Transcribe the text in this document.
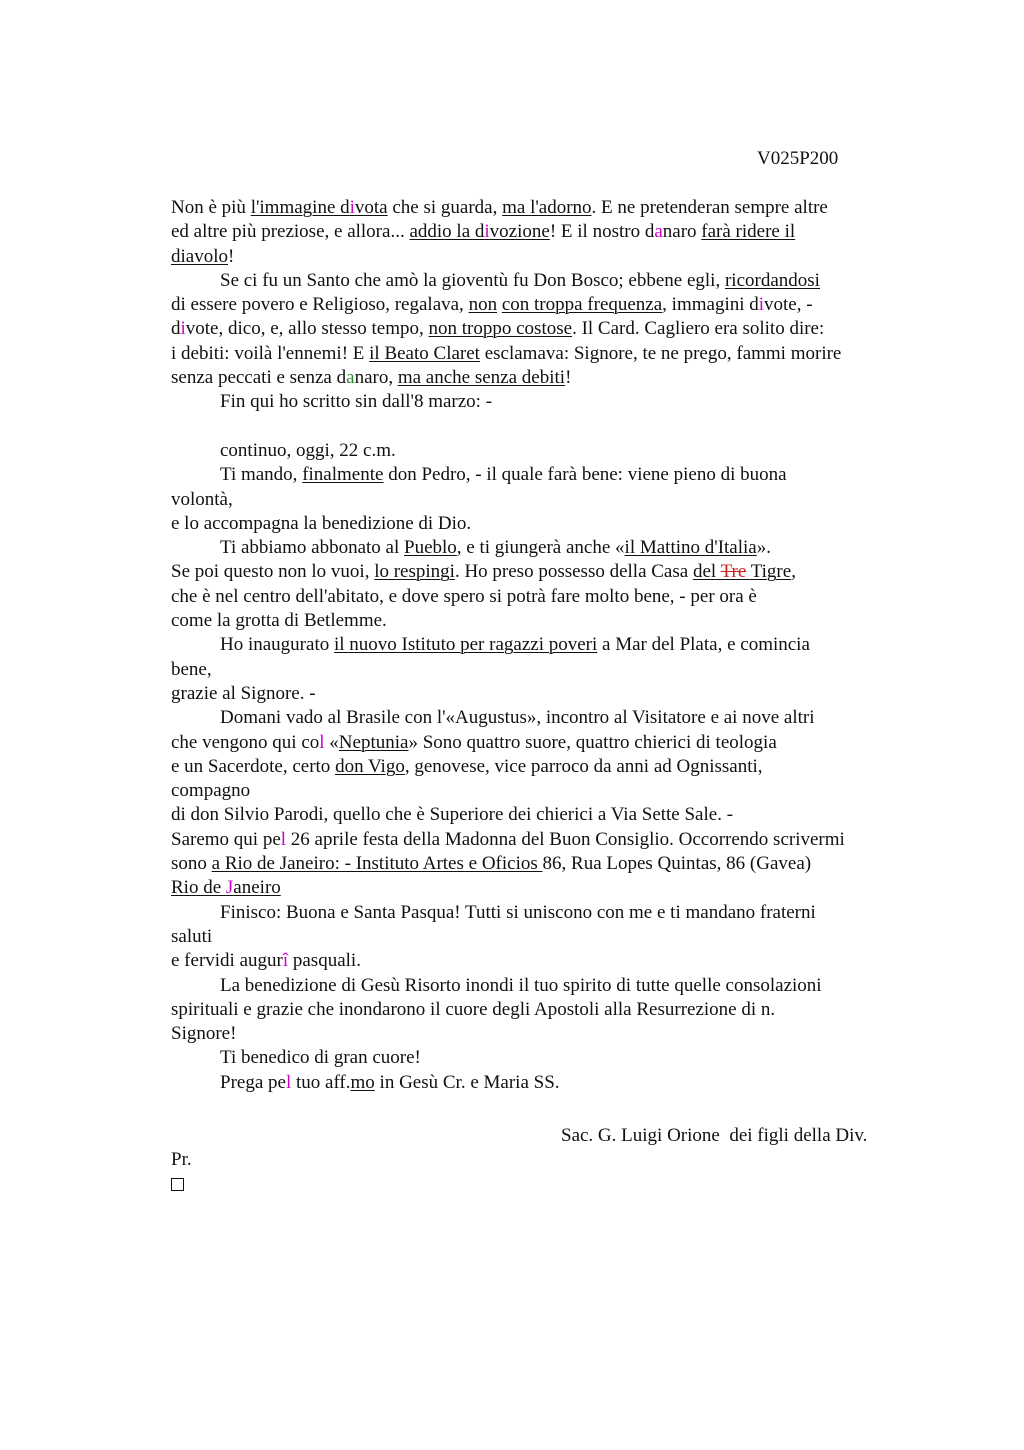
V025P200
Non è più l'immagine divota che si guarda, ma l'adorno. E ne pretenderan sempre altre
ed altre più preziose, e allora... addio la divozione! E il nostro danaro farà ridere il
diavolo!
Se ci fu un Santo che amò la gioventù fu Don Bosco; ebbene egli, ricordandosi
di essere povero e Religioso, regalava, non con troppa frequenza, immagini divote, -
divote, dico, e, allo stesso tempo, non troppo costose. Il Card. Cagliero era solito dire:
i debiti: voilà l'ennemi! E il Beato Claret esclamava: Signore, te ne prego, fammi morire
senza peccati e senza danaro, ma anche senza debiti!
Fin qui ho scritto sin dall'8 marzo: -
continuo, oggi, 22 c.m.
Ti mando, finalmente don Pedro, - il quale farà bene: viene pieno di buona
volontà,
e lo accompagna la benedizione di Dio.
Ti abbiamo abbonato al Pueblo, e ti giungerà anche «il Mattino d'Italia».
Se poi questo non lo vuoi, lo respingi. Ho preso possesso della Casa del Tre Tigre,
che è nel centro dell'abitato, e dove spero si potrà fare molto bene, - per ora è
come la grotta di Betlemme.
Ho inaugurato il nuovo Istituto per ragazzi poveri a Mar del Plata, e comincia
bene,
grazie al Signore. -
Domani vado al Brasile con l'«Augustus», incontro al Visitatore e ai nove altri
che vengono qui col «Neptunia» Sono quattro suore, quattro chierici di teologia
e un Sacerdote, certo don Vigo, genovese, vice parroco da anni ad Ognissanti,
compagno
di don Silvio Parodi, quello che è Superiore dei chierici a Via Sette Sale. -
Saremo qui pel 26 aprile festa della Madonna del Buon Consiglio. Occorrendo scrivermi
sono a Rio de Janeiro: - Instituto Artes e Oficios 86, Rua Lopes Quintas, 86 (Gavea)
Rio de Janeiro
Finisco: Buona e Santa Pasqua! Tutti si uniscono con me e ti mandano fraterni
saluti
e fervidi augurî pasquali.
La benedizione di Gesù Risorto inondi il tuo spirito di tutte quelle consolazioni
spirituali e grazie che inondarono il cuore degli Apostoli alla Resurrezione di n.
Signore!
Ti benedico di gran cuore!
Prega pel tuo aff.mo in Gesù Cr. e Maria SS.
Sac. G. Luigi Orione  dei figli della Div.
Pr.
